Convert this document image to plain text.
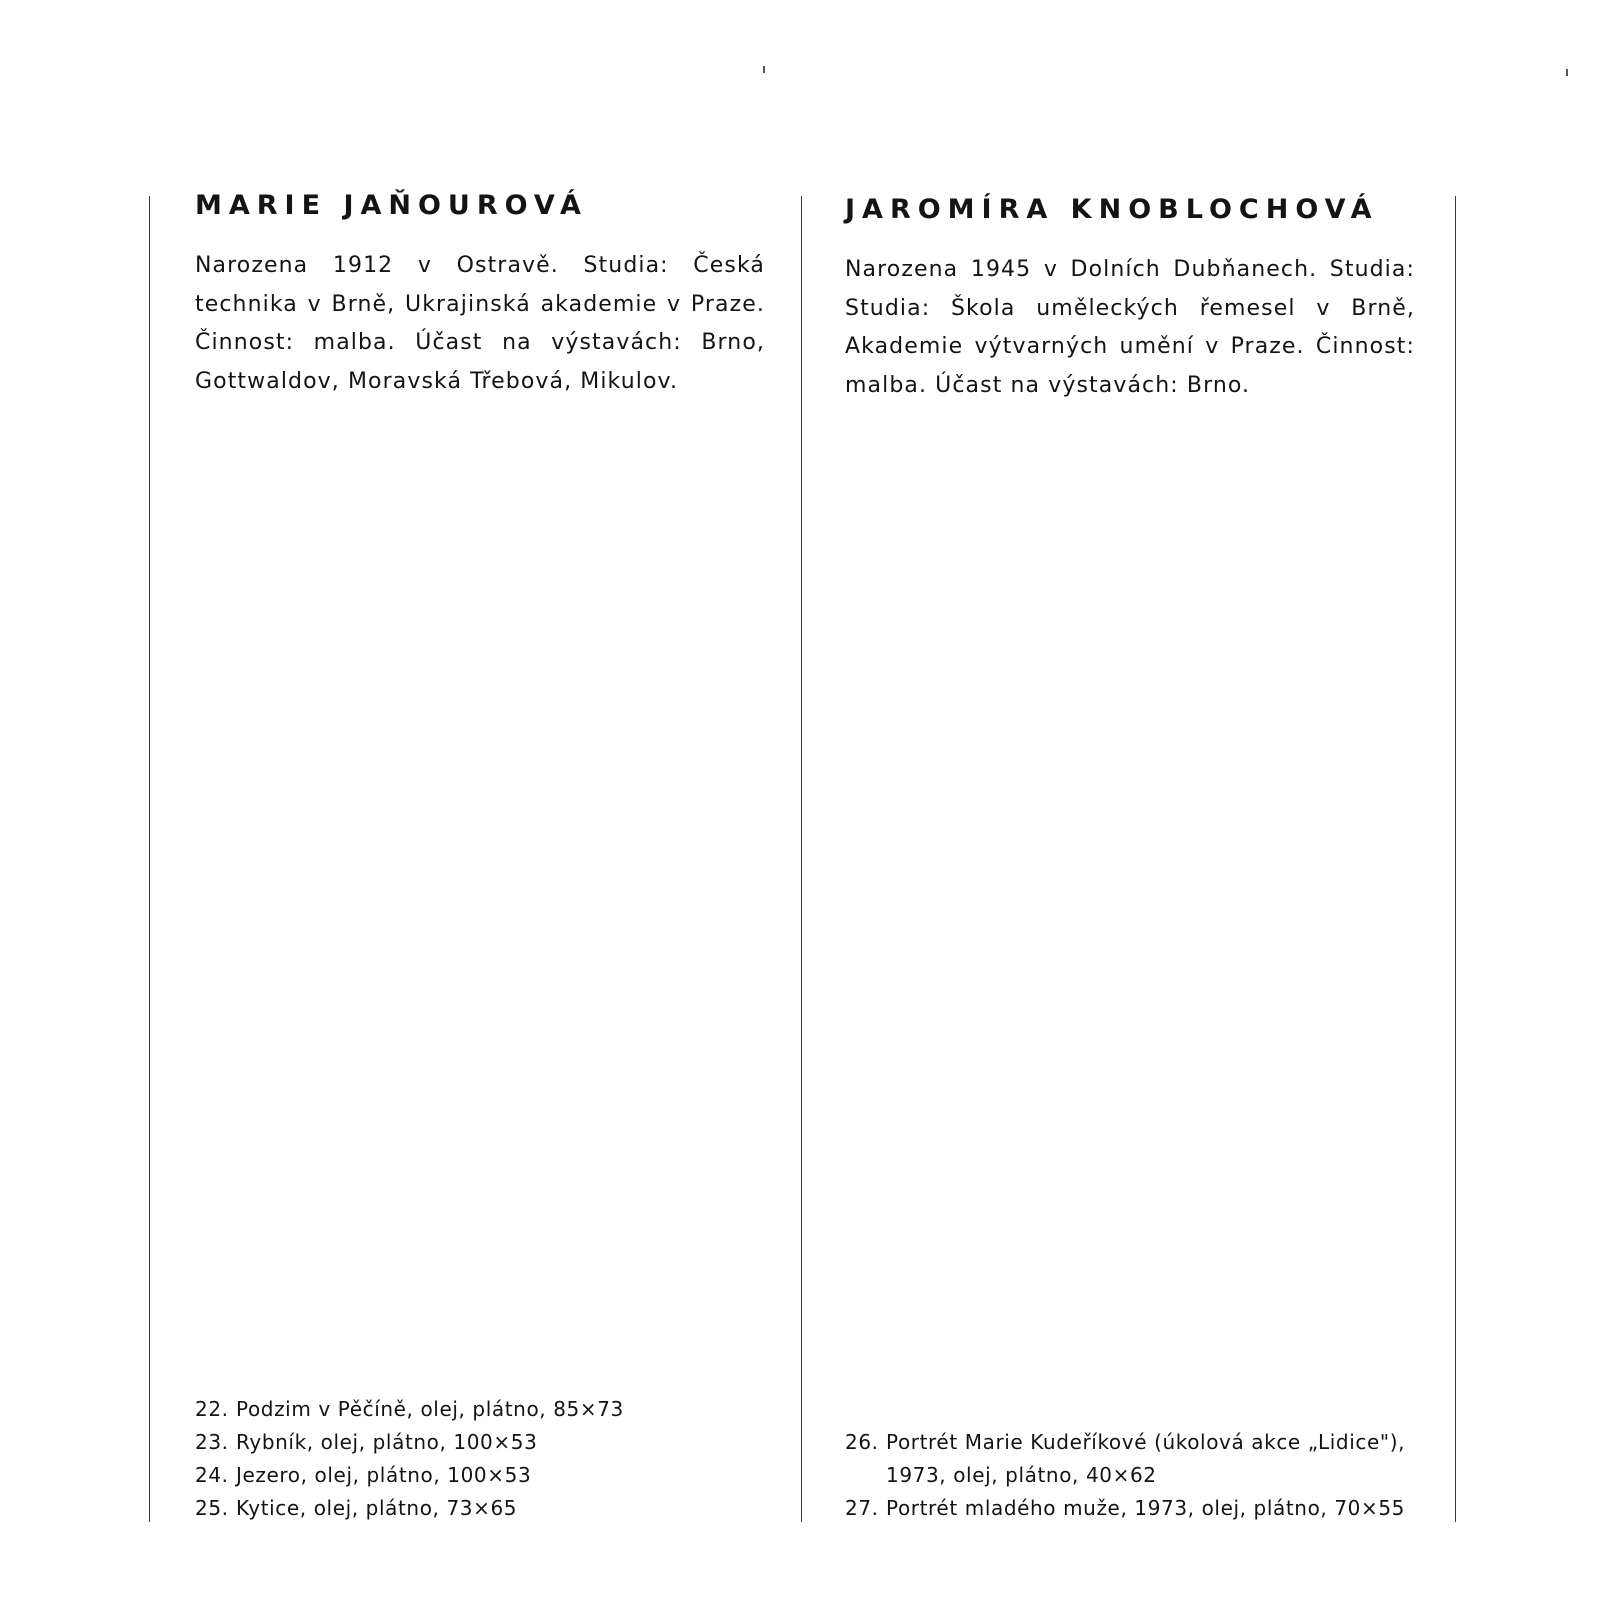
MARIE JAŇOUROVÁ

Narozena 1912 v Ostravě. Studia: Česká technika v Brně, Ukrajinská akademie v Praze. Činnost: malba. Účast na výstavách: Brno, Gottwaldov, Moravská Třebová, Mikulov.

JAROMÍRA KNOBLOCHOVÁ

Narozena 1945 v Dolních Dubňanech. Studia: Studia: Škola uměleckých řemesel v Brně, Akademie výtvarných umění v Praze. Činnost: malba. Účast na výstavách: Brno.

22. Podzim v Pěčíně, olej, plátno, 85×73
23. Rybník, olej, plátno, 100×53
24. Jezero, olej, plátno, 100×53
25. Kytice, olej, plátno, 73×65
26. Portrét Marie Kudeříkové (úkolová akce „Lidice"), 1973, olej, plátno, 40×62
27. Portrét mladého muže, 1973, olej, plátno, 70×55
